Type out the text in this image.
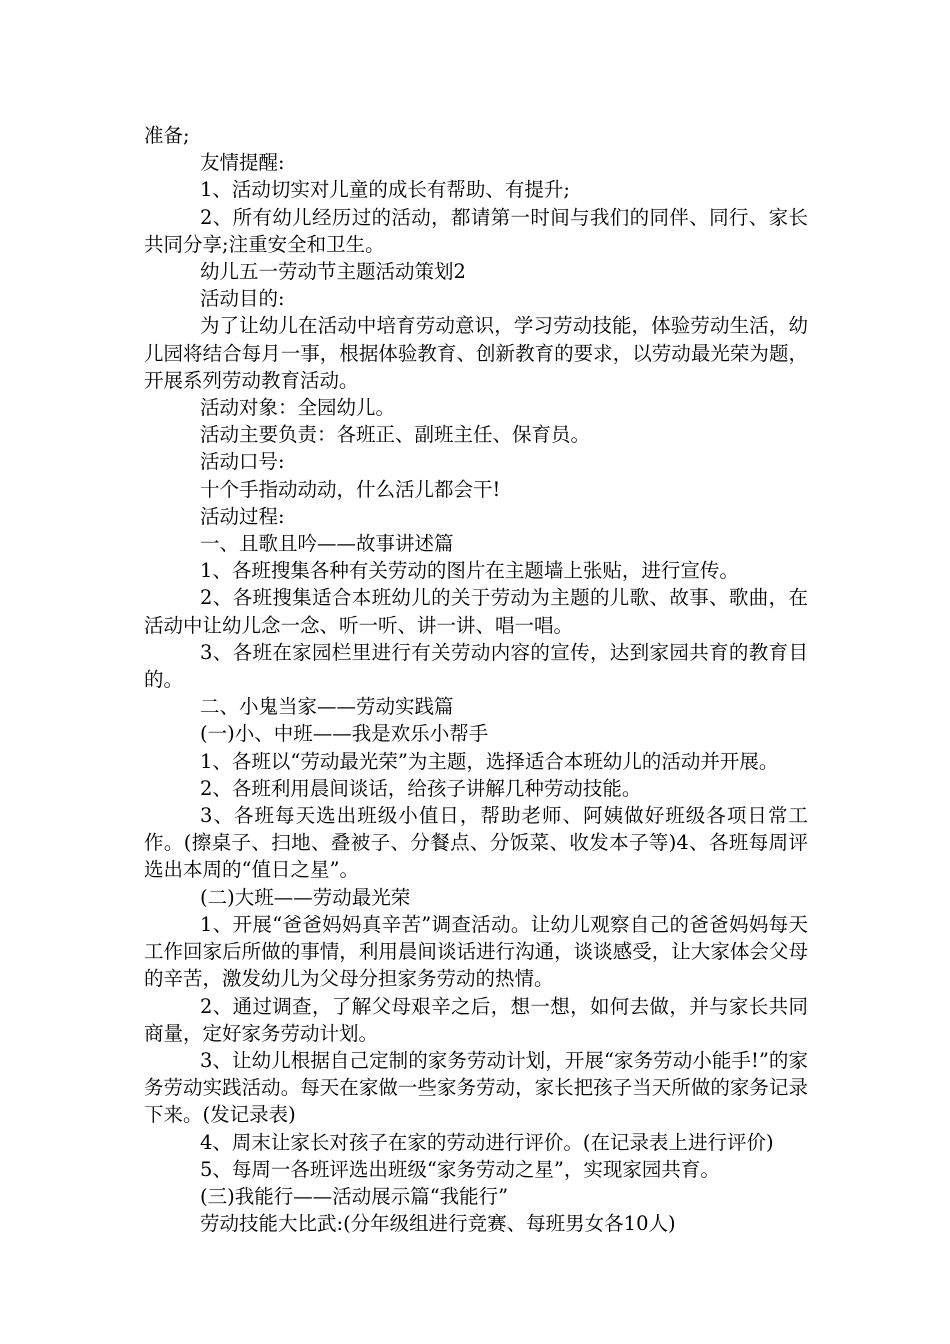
准备;

友情提醒:

1、活动切实对儿童的成长有帮助、有提升;

2、所有幼儿经历过的活动，都请第一时间与我们的同伴、同行、家长共同分享;注重安全和卫生。

幼儿五一劳动节主题活动策划2

活动目的:

为了让幼儿在活动中培育劳动意识，学习劳动技能，体验劳动生活，幼儿园将结合每月一事，根据体验教育、创新教育的要求，以劳动最光荣为题，开展系列劳动教育活动。

活动对象：全园幼儿。

活动主要负责：各班正、副班主任、保育员。

活动口号:

十个手指动动动，什么活儿都会干!

活动过程:

一、且歌且吟——故事讲述篇

1、各班搜集各种有关劳动的图片在主题墙上张贴，进行宣传。

2、各班搜集适合本班幼儿的关于劳动为主题的儿歌、故事、歌曲，在活动中让幼儿念一念、听一听、讲一讲、唱一唱。

3、各班在家园栏里进行有关劳动内容的宣传，达到家园共育的教育目的。

二、小鬼当家——劳动实践篇

(一)小、中班——我是欢乐小帮手

1、各班以“劳动最光荣”为主题，选择适合本班幼儿的活动并开展。

2、各班利用晨间谈话，给孩子讲解几种劳动技能。

3、各班每天选出班级小值日，帮助老师、阿姨做好班级各项日常工作。(擦桌子、扫地、叠被子、分餐点、分饭菜、收发本子等)4、各班每周评选出本周的“值日之星”。

(二)大班——劳动最光荣

1、开展“爸爸妈妈真辛苦”调查活动。让幼儿观察自己的爸爸妈妈每天工作回家后所做的事情，利用晨间谈话进行沟通，谈谈感受，让大家体会父母的辛苦，激发幼儿为父母分担家务劳动的热情。

2、通过调查，了解父母艰辛之后，想一想，如何去做，并与家长共同商量，定好家务劳动计划。

3、让幼儿根据自己定制的家务劳动计划，开展“家务劳动小能手!”的家务劳动实践活动。每天在家做一些家务劳动，家长把孩子当天所做的家务记录下来。(发记录表)

4、周末让家长对孩子在家的劳动进行评价。(在记录表上进行评价)

5、每周一各班评选出班级“家务劳动之星”，实现家园共育。

(三)我能行——活动展示篇“我能行”

劳动技能大比武:(分年级组进行竞赛、每班男女各10人)
